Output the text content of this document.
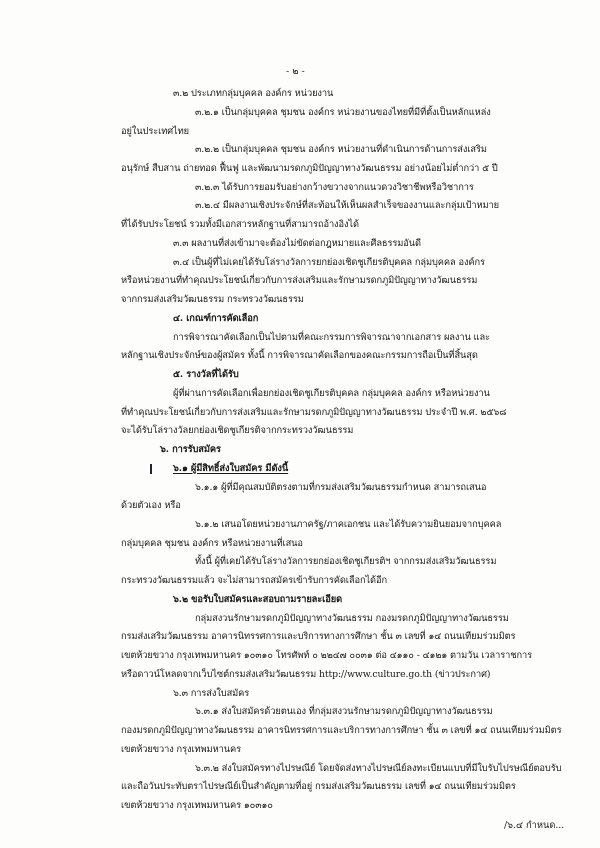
- ๒ -
๓.๒ ประเภทกลุ่มบุคคล องค์กร หน่วยงาน
๓.๒.๑ เป็นกลุ่มบุคคล ชุมชน องค์กร หน่วยงานของไทยที่มีที่ตั้งเป็นหลักแหล่ง
อยู่ในประเทศไทย
๓.๒.๒ เป็นกลุ่มบุคคล ชุมชน องค์กร หน่วยงานที่ดำเนินการด้านการส่งเสริม
อนุรักษ์ สืบสาน ถ่ายทอด ฟื้นฟู และพัฒนามรดกภูมิปัญญาทางวัฒนธรรม อย่างน้อยไม่ต่ำกว่า ๕ ปี
๓.๒.๓ ได้รับการยอมรับอย่างกว้างขวางจากแนวดวงวิชาชีพหรือวิชาการ
๓.๒.๔ มีผลงานเชิงประจักษ์ที่สะท้อนให้เห็นผลสำเร็จของงานและกลุ่มเป้าหมาย
ที่ได้รับประโยชน์ รวมทั้งมีเอกสารหลักฐานที่สามารถอ้างอิงได้
๓.๓ ผลงานที่ส่งเข้ามาจะต้องไม่ขัดต่อกฎหมายและศีลธรรมอันดี
๓.๔ เป็นผู้ที่ไม่เคยได้รับโล่รางวัลการยกย่องเชิดชูเกียรติบุคคล กลุ่มบุคคล องค์กร
หรือหน่วยงานที่ทำคุณประโยชน์เกี่ยวกับการส่งเสริมและรักษามรดกภูมิปัญญาทางวัฒนธรรม
จากกรมส่งเสริมวัฒนธรรม กระทรวงวัฒนธรรม
๔. เกณฑ์การคัดเลือก
การพิจารณาคัดเลือกเป็นไปตามที่คณะกรรมการพิจารณาจากเอกสาร ผลงาน และ
หลักฐานเชิงประจักษ์ของผู้สมัคร ทั้งนี้ การพิจารณาคัดเลือกของคณะกรรมการถือเป็นที่สิ้นสุด
๕. รางวัลที่ได้รับ
ผู้ที่ผ่านการคัดเลือกเพื่อยกย่องเชิดชูเกียรติบุคคล กลุ่มบุคคล องค์กร หรือหน่วยงาน
ที่ทำคุณประโยชน์เกี่ยวกับการส่งเสริมและรักษามรดกภูมิปัญญาทางวัฒนธรรม ประจำปี พ.ศ. ๒๕๖๘
จะได้รับโล่รางวัลยกย่องเชิดชูเกียรติจากกระทรวงวัฒนธรรม
๖. การรับสมัคร
๖.๑ ผู้มีสิทธิ์ส่งใบสมัคร มีดังนี้
๖.๑.๑ ผู้ที่มีคุณสมบัติตรงตามที่กรมส่งเสริมวัฒนธรรมกำหนด สามารถเสนอ
ด้วยตัวเอง หรือ
๖.๑.๒ เสนอโดยหน่วยงานภาครัฐ/ภาคเอกชน และได้รับความยินยอมจากบุคคล
กลุ่มบุคคล ชุมชน องค์กร หรือหน่วยงานที่เสนอ
ทั้งนี้ ผู้ที่เคยได้รับโล่รางวัลการยกย่องเชิดชูเกียรติฯ จากกรมส่งเสริมวัฒนธรรม
กระทรวงวัฒนธรรมแล้ว จะไม่สามารถสมัครเข้ารับการคัดเลือกได้อีก
๖.๒ ขอรับใบสมัครและสอบถามรายละเอียด
กลุ่มสงวนรักษามรดกภูมิปัญญาทางวัฒนธรรม กองมรดกภูมิปัญญาทางวัฒนธรรม
กรมส่งเสริมวัฒนธรรม อาคารนิทรรศการและบริการทางการศึกษา ชั้น ๓ เลขที่ ๑๔ ถนนเทียมร่วมมิตร
เขตห้วยขวาง กรุงเทพมหานคร ๑๐๓๑๐ โทรศัพท์ ๐ ๒๒๔๗ ๐๐๓๑ ต่อ ๔๑๑๐ - ๔๑๒๑ ตามวัน เวลาราชการ
หรือดาวน์โหลดจากเว็บไซต์กรมส่งเสริมวัฒนธรรม http://www.culture.go.th (ข่าวประกาศ)
๖.๓ การส่งใบสมัคร
๖.๓.๑ ส่งใบสมัครด้วยตนเอง ที่กลุ่มสงวนรักษามรดกภูมิปัญญาทางวัฒนธรรม
กองมรดกภูมิปัญญาทางวัฒนธรรม อาคารนิทรรศการและบริการทางการศึกษา ชั้น ๓ เลขที่ ๑๔ ถนนเทียมร่วมมิตร
เขตห้วยขวาง กรุงเทพมหานคร
๖.๓.๒ ส่งใบสมัครทางไปรษณีย์ โดยจัดส่งทางไปรษณีย์ลงทะเบียนแบบที่มีใบรับไปรษณีย์ตอบรับ
และถือวันประทับตราไปรษณีย์เป็นสำคัญตามที่อยู่ กรมส่งเสริมวัฒนธรรม เลขที่ ๑๔ ถนนเทียมร่วมมิตร
เขตห้วยขวาง กรุงเทพมหานคร ๑๐๓๑๐
/๖.๔ กำหนด...
